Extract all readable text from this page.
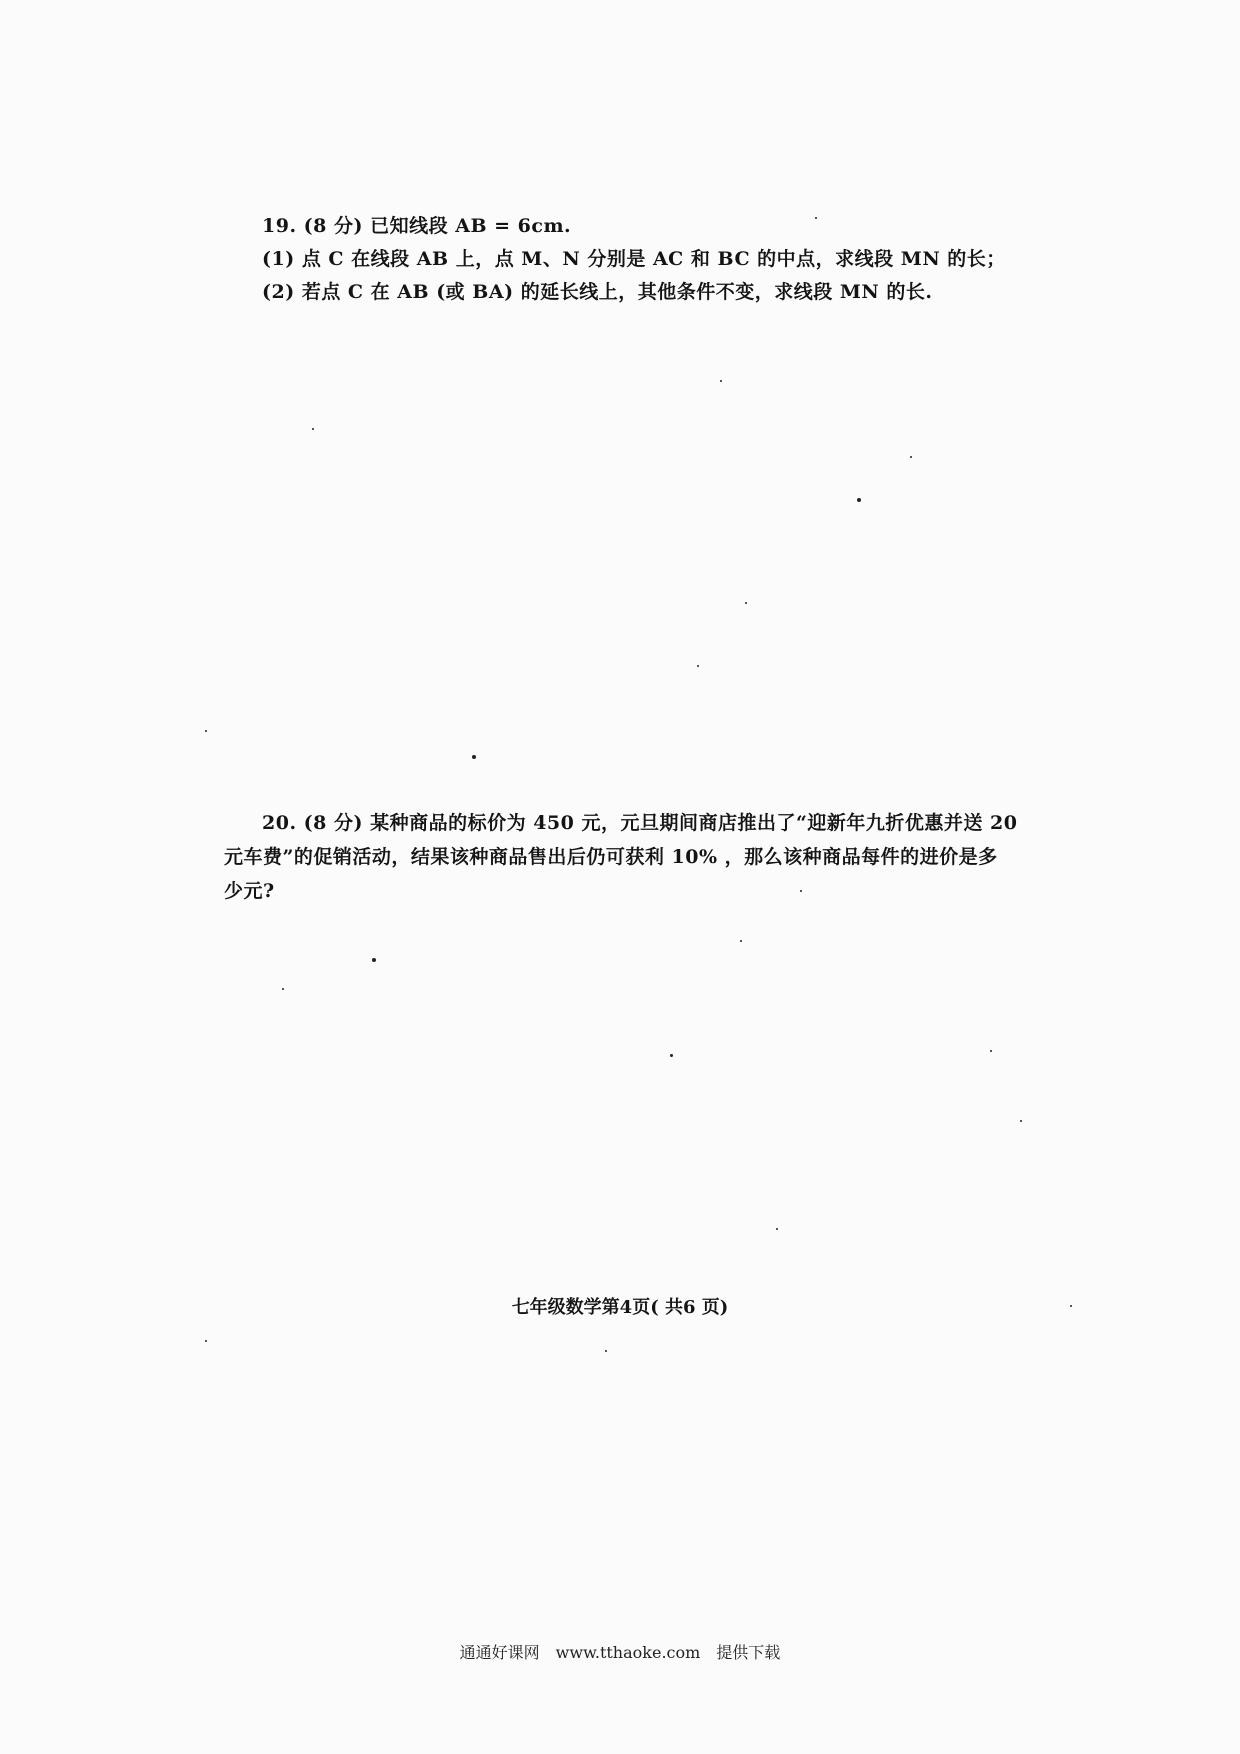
19. (8 分) 已知线段 AB = 6cm.
(1) 点 C 在线段 AB 上，点 M、N 分别是 AC 和 BC 的中点，求线段 MN 的长；
(2) 若点 C 在 AB (或 BA) 的延长线上，其他条件不变，求线段 MN 的长.
20. (8 分) 某种商品的标价为 450 元，元旦期间商店推出了“迎新年九折优惠并送 20
元车费”的促销活动，结果该种商品售出后仍可获利 10% ，那么该种商品每件的进价是多
少元?
七年级数学第4页( 共6 页)
通通好课网　www.tthaoke.com　提供下载
